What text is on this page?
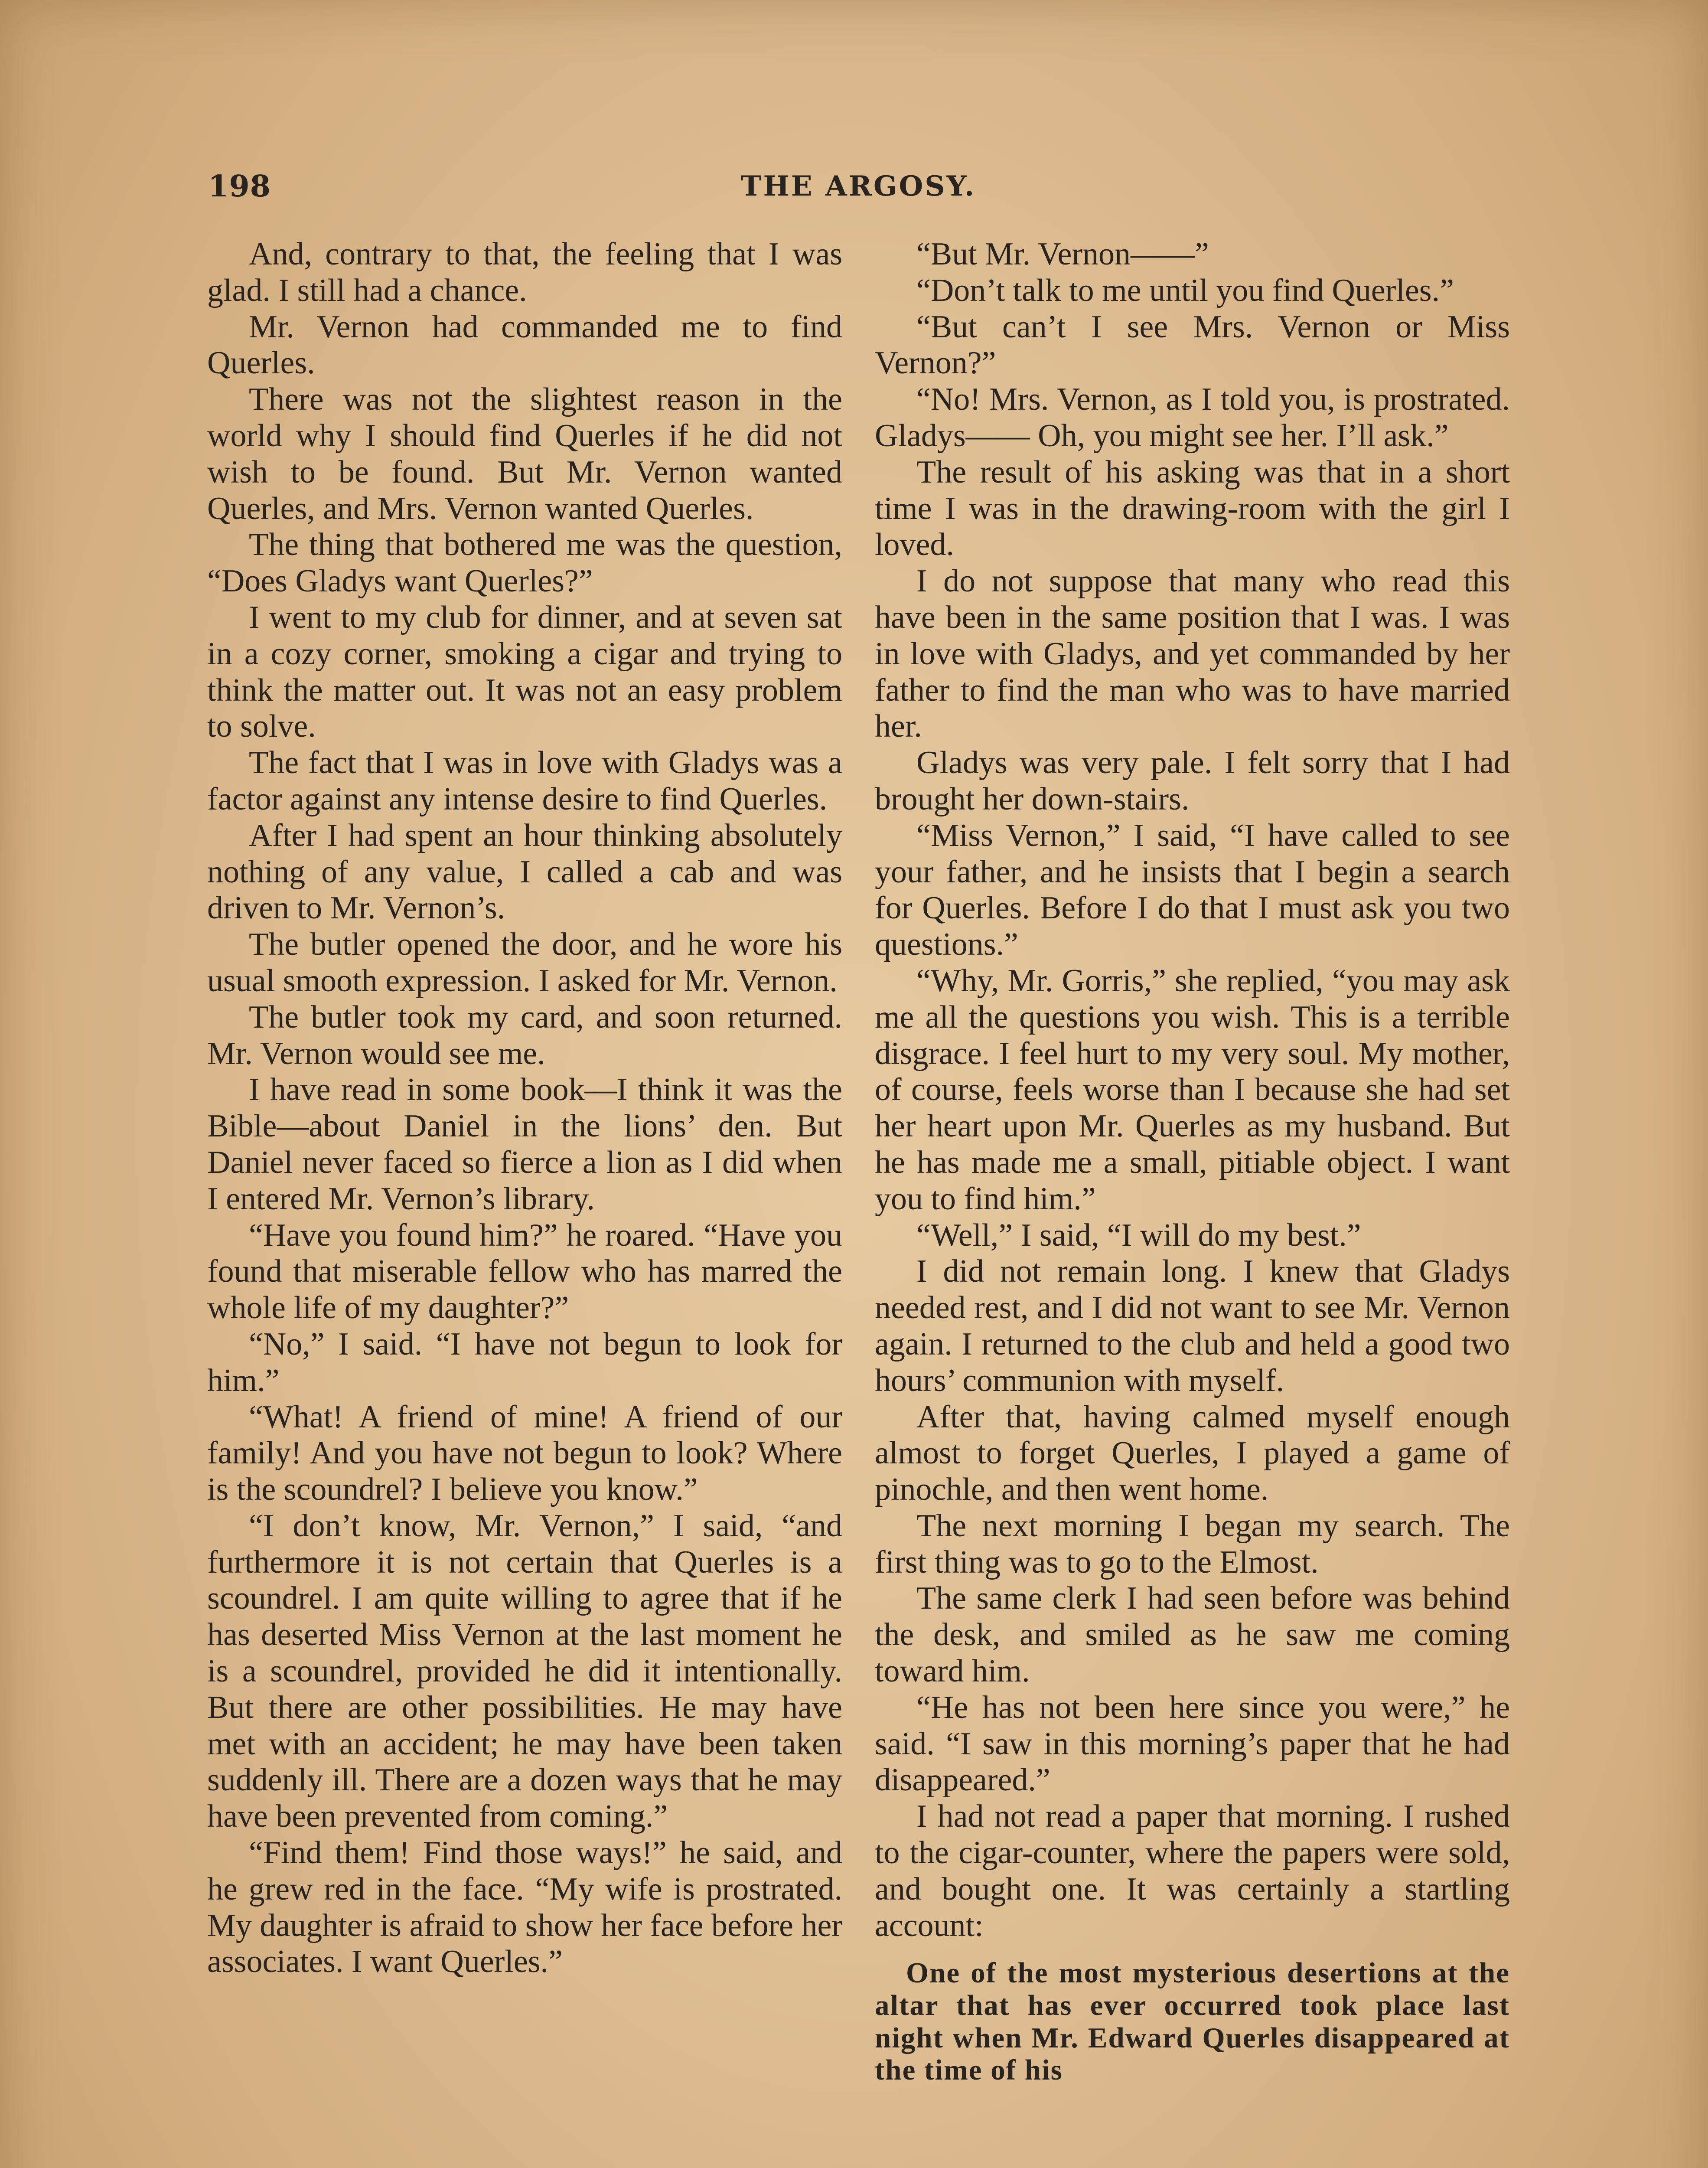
198	THE ARGOSY.

And, contrary to that, the feeling that I was glad. I still had a chance.

Mr. Vernon had commanded me to find Querles.

There was not the slightest reason in the world why I should find Querles if he did not wish to be found. But Mr. Vernon wanted Querles, and Mrs. Vernon wanted Querles.

The thing that bothered me was the question, “Does Gladys want Querles?”

I went to my club for dinner, and at seven sat in a cozy corner, smoking a cigar and trying to think the matter out. It was not an easy problem to solve.

The fact that I was in love with Gladys was a factor against any intense desire to find Querles.

After I had spent an hour thinking absolutely nothing of any value, I called a cab and was driven to Mr. Vernon’s.

The butler opened the door, and he wore his usual smooth expression. I asked for Mr. Vernon.

The butler took my card, and soon returned. Mr. Vernon would see me.

I have read in some book—I think it was the Bible—about Daniel in the lions’ den. But Daniel never faced so fierce a lion as I did when I entered Mr. Vernon’s library.

“Have you found him?” he roared. “Have you found that miserable fellow who has marred the whole life of my daughter?”

“No,” I said. “I have not begun to look for him.”

“What! A friend of mine! A friend of our family! And you have not begun to look? Where is the scoundrel? I believe you know.”

“I don’t know, Mr. Vernon,” I said, “and furthermore it is not certain that Querles is a scoundrel. I am quite willing to agree that if he has deserted Miss Vernon at the last moment he is a scoundrel, provided he did it intentionally. But there are other possibilities. He may have met with an accident; he may have been taken suddenly ill. There are a dozen ways that he may have been prevented from coming.”

“Find them! Find those ways!” he said, and he grew red in the face. “My wife is prostrated. My daughter is afraid to show her face before her associates. I want Querles.”

“But Mr. Vernon——”

“Don’t talk to me until you find Querles.”

“But can’t I see Mrs. Vernon or Miss Vernon?”

“No! Mrs. Vernon, as I told you, is prostrated. Gladys—— Oh, you might see her. I’ll ask.”

The result of his asking was that in a short time I was in the drawing-room with the girl I loved.

I do not suppose that many who read this have been in the same position that I was. I was in love with Gladys, and yet commanded by her father to find the man who was to have married her.

Gladys was very pale. I felt sorry that I had brought her down-stairs.

“Miss Vernon,” I said, “I have called to see your father, and he insists that I begin a search for Querles. Before I do that I must ask you two questions.”

“Why, Mr. Gorris,” she replied, “you may ask me all the questions you wish. This is a terrible disgrace. I feel hurt to my very soul. My mother, of course, feels worse than I because she had set her heart upon Mr. Querles as my husband. But he has made me a small, pitiable object. I want you to find him.”

“Well,” I said, “I will do my best.”

I did not remain long. I knew that Gladys needed rest, and I did not want to see Mr. Vernon again. I returned to the club and held a good two hours’ communion with myself.

After that, having calmed myself enough almost to forget Querles, I played a game of pinochle, and then went home.

The next morning I began my search. The first thing was to go to the Elmost.

The same clerk I had seen before was behind the desk, and smiled as he saw me coming toward him.

“He has not been here since you were,” he said. “I saw in this morning’s paper that he had disappeared.”

I had not read a paper that morning. I rushed to the cigar-counter, where the papers were sold, and bought one. It was certainly a startling account:

One of the most mysterious desertions at the altar that has ever occurred took place last night when Mr. Edward Querles disappeared at the time of his
